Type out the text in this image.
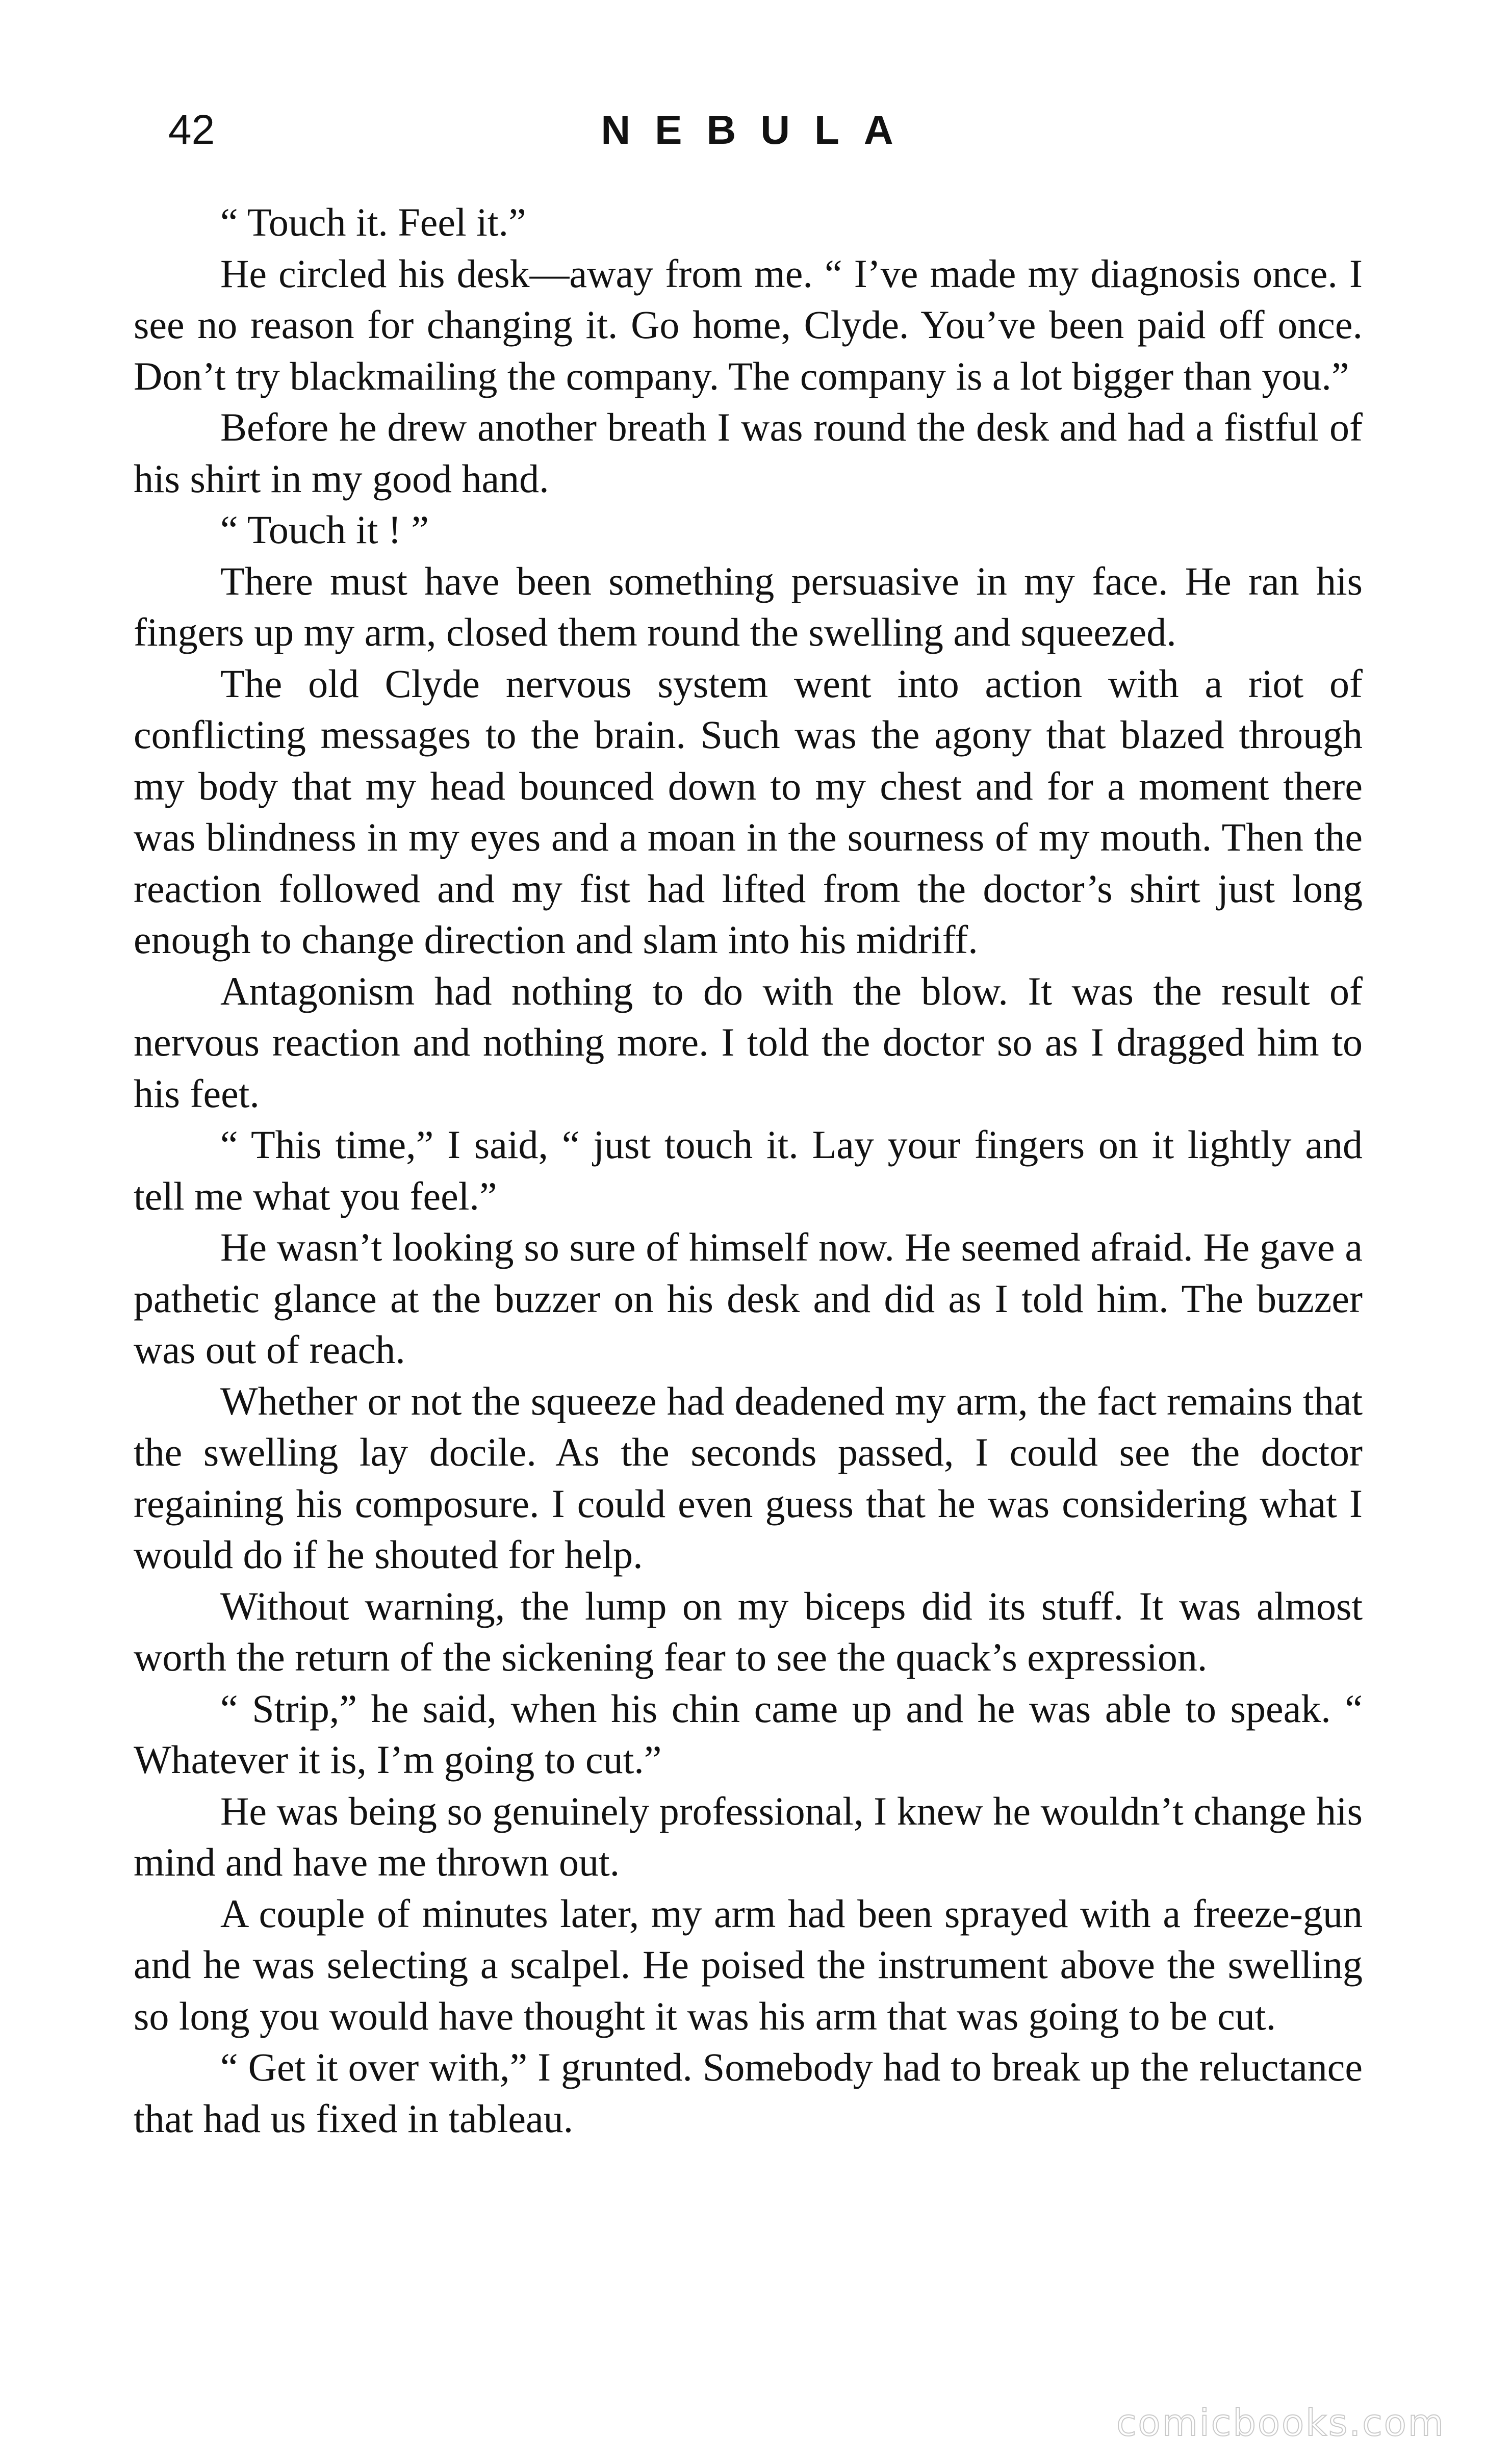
42	NEBULA

“ Touch it. Feel it.”

He circled his desk—away from me. “ I’ve made my diagnosis once. I see no reason for changing it. Go home, Clyde. You’ve been paid off once. Don’t try blackmailing the company. The company is a lot bigger than you.”

Before he drew another breath I was round the desk and had a fistful of his shirt in my good hand.

“ Touch it ! ”

There must have been something persuasive in my face. He ran his fingers up my arm, closed them round the swelling and squeezed.

The old Clyde nervous system went into action with a riot of conflicting messages to the brain. Such was the agony that blazed through my body that my head bounced down to my chest and for a moment there was blindness in my eyes and a moan in the sourness of my mouth. Then the reaction followed and my fist had lifted from the doctor’s shirt just long enough to change direction and slam into his midriff.

Antagonism had nothing to do with the blow. It was the result of nervous reaction and nothing more. I told the doctor so as I dragged him to his feet.

“ This time,” I said, “ just touch it. Lay your fingers on it lightly and tell me what you feel.”

He wasn’t looking so sure of himself now. He seemed afraid. He gave a pathetic glance at the buzzer on his desk and did as I told him. The buzzer was out of reach.

Whether or not the squeeze had deadened my arm, the fact remains that the swelling lay docile. As the seconds passed, I could see the doctor regaining his composure. I could even guess that he was considering what I would do if he shouted for help.

Without warning, the lump on my biceps did its stuff. It was almost worth the return of the sickening fear to see the quack’s expression.

“ Strip,” he said, when his chin came up and he was able to speak. “ Whatever it is, I’m going to cut.”

He was being so genuinely professional, I knew he wouldn’t change his mind and have me thrown out.

A couple of minutes later, my arm had been sprayed with a freeze-gun and he was selecting a scalpel. He poised the instrument above the swelling so long you would have thought it was his arm that was going to be cut.

“ Get it over with,” I grunted. Somebody had to break up the reluctance that had us fixed in tableau.

comicbooks.com
